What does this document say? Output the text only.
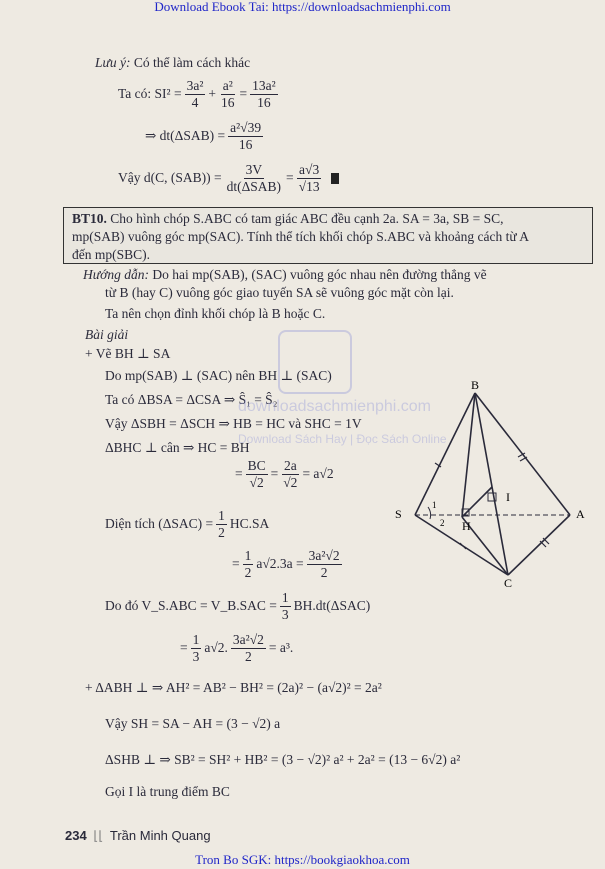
Download Ebook Tai: https://downloadsachmienphi.com
Lưu ý: Có thể làm cách khác
Ta có: $SI^2 = \frac{\text{3a²}}{4} + \frac{\text{a²}}{16} = \frac{\text{13a²}}{16}$
⇒ $dt(\Delta SAB) = \frac{\text{a²√39}}{16}$
Vậy d(C, $(SAB)) = \frac{3V}{\text{dt(ΔSAB)}} = \frac{a√3}{√13}$
BT10. Cho hình chóp S.ABC có tam giác ABC đều cạnh 2a. SA = 3a, SB = SC, mp(SAB) vuông góc mp(SAC). Tính thể tích khối chóp S.ABC và khoảng cách từ A đến mp(SBC).
Hướng dẫn: Do hai mp(SAB), (SAC) vuông góc nhau nên đường thẳng vẽ
từ B (hay C) vuông góc giao tuyến SA sẽ vuông góc mặt còn lại.
Ta nên chọn đỉnh khối chóp là B hoặc C.
Bài giải
+ Vẽ BH ⊥ SA
Do mp(SAB) ⊥ (SAC) nên BH ⊥ (SAC)
Ta có ΔBSA = ΔCSA ⇒ Ŝ₁ = Ŝ₂
Vậy ΔSBH = ΔSCH ⇒ HB = HC và SHC = 1V
ΔBHC ⊥ cân ⇒ HC = BH
= $\frac{BC}{√2} = \frac{2a}{√2} = a√2$
Diện tích $(\Delta SAC) = \frac{1}{2} HC.SA$
= $\frac{1}{2} a√2.3a = \frac{\text{3a²√2}}{2}$
Do đó V_S.ABC = V_B.SAC = $\frac{1}{3} BH.dt(\Delta SAC)$
= $\frac{1}{3} a√2$. $\frac{\text{3a²√2}}{2} = a^3$.
+ ΔABH ⊥ ⇒ AH² = AB² − BH² = (2a)² − (a√2)² = 2a²
Vậy SH = SA − AH = (3 − √2) a
ΔSHB ⊥ ⇒ SB² = SH² + HB² = (3 − √2)² a² + 2a² = (13 − 6√2) a²
Gọi I là trung điểm BC
downloadsachmienphi.com
Download Sách Hay | Đọc Sách Online
B
S	A
C
H
I
1
2
234 ⌊⌊ Trần Minh Quang
Tron Bo SGK: https://bookgiaokhoa.com
